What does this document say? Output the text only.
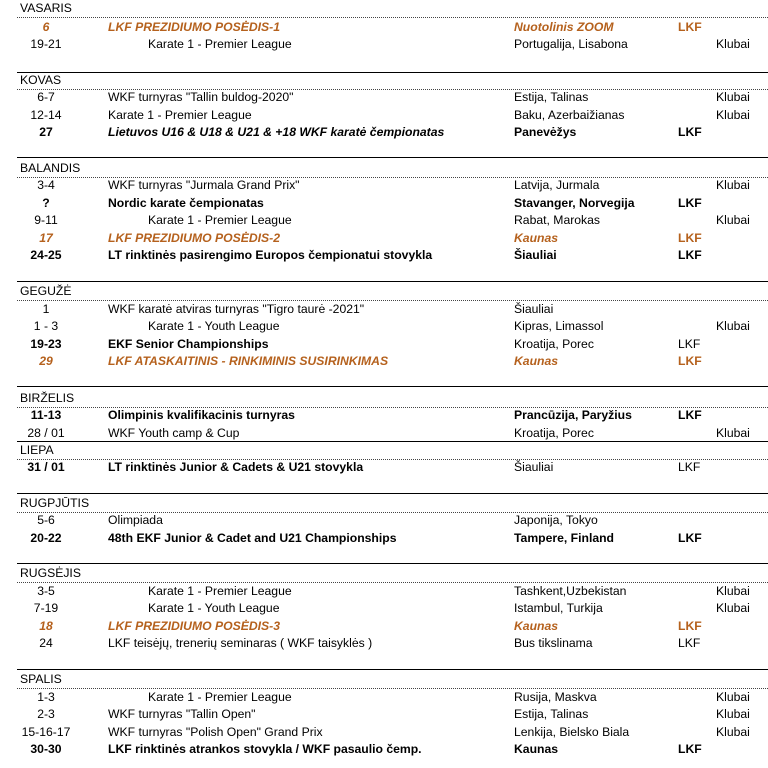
VASARIS
6	LKF PREZIDIUMO POSĖDIS-1	Nuotolinis ZOOM	LKF
19-21	Karate 1 - Premier League	Portugalija, Lisabona	Klubai
KOVAS
6-7	WKF turnyras "Tallin buldog-2020"	Estija, Talinas	Klubai
12-14	Karate 1 - Premier League	Baku, Azerbaižianas	Klubai
27	Lietuvos U16 & U18 & U21 & +18 WKF karatė čempionatas	Panevėžys	LKF
BALANDIS
3-4	WKF turnyras "Jurmala Grand Prix"	Latvija, Jurmala	Klubai
?	Nordic karate čempionatas	Stavanger, Norvegija	LKF
9-11	Karate 1 - Premier League	Rabat, Marokas	Klubai
17	LKF PREZIDIUMO POSĖDIS-2	Kaunas	LKF
24-25	LT rinktinės pasirengimo Europos čempionatui stovykla	Šiauliai	LKF
GEGUŽĖ
1	WKF karatė atviras turnyras "Tigro taurė -2021"	Šiauliai
1 - 3	Karate 1 - Youth League	Kipras, Limassol	Klubai
19-23	EKF Senior Championships	Kroatija, Porec	LKF
29	LKF ATASKAITINIS - RINKIMINIS SUSIRINKIMAS	Kaunas	LKF
BIRŽELIS
11-13	Olimpinis kvalifikacinis turnyras	Prancūzija, Paryžius	LKF
28 / 01	WKF Youth camp & Cup	Kroatija, Porec	Klubai
LIEPA
31 / 01	LT rinktinės Junior & Cadets & U21 stovykla	Šiauliai	LKF
RUGPJŪTIS
5-6	Olimpiada	Japonija, Tokyo
20-22	48th EKF Junior & Cadet and U21 Championships	Tampere, Finland	LKF
RUGSĖJIS
3-5	Karate 1 - Premier League	Tashkent,Uzbekistan	Klubai
7-19	Karate 1 - Youth League	Istambul, Turkija	Klubai
18	LKF PREZIDIUMO POSĖDIS-3	Kaunas	LKF
24	LKF teisėjų, trenerių seminaras ( WKF taisyklės )	Bus tikslinama	LKF
SPALIS
1-3	Karate 1 - Premier League	Rusija, Maskva	Klubai
2-3	WKF turnyras "Tallin Open"	Estija, Talinas	Klubai
15-16-17	WKF turnyras "Polish Open" Grand Prix	Lenkija, Bielsko Biala	Klubai
30-30	LKF rinktinės atrankos stovykla / WKF pasaulio čemp.	Kaunas	LKF
